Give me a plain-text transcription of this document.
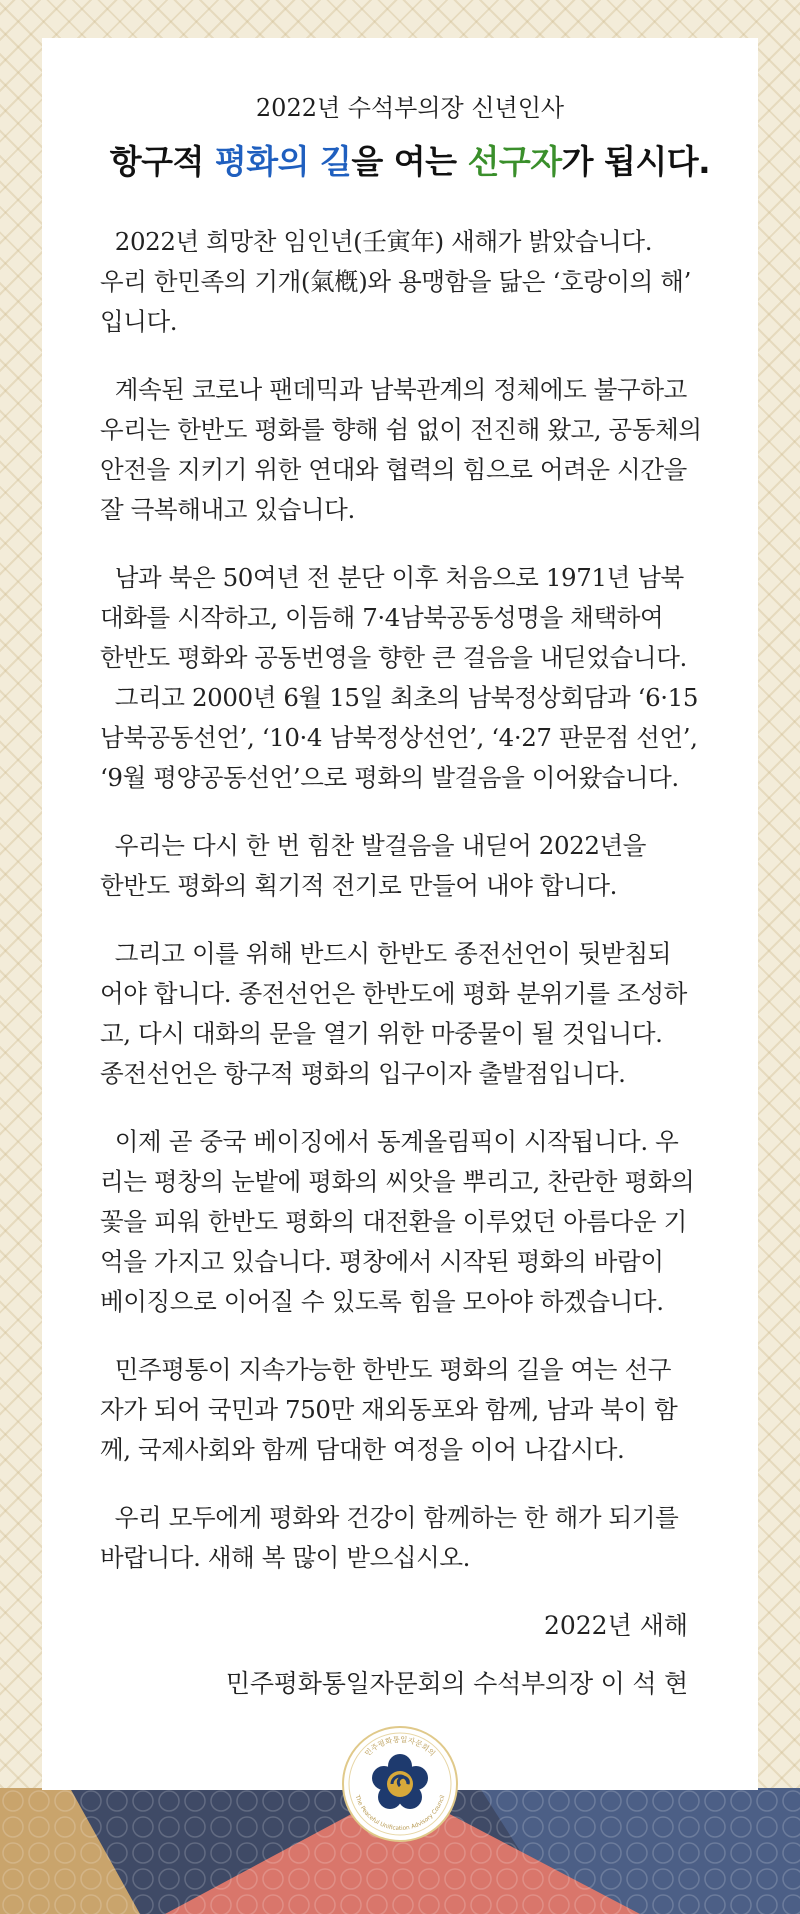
2022년 수석부의장 신년인사

항구적 평화의 길을 여는 선구자가 됩시다.

2022년 희망찬 임인년(壬寅年) 새해가 밝았습니다.
우리 한민족의 기개(氣槪)와 용맹함을 닮은 ‘호랑이의 해’
입니다.

계속된 코로나 팬데믹과 남북관계의 정체에도 불구하고
우리는 한반도 평화를 향해 쉼 없이 전진해 왔고, 공동체의
안전을 지키기 위한 연대와 협력의 힘으로 어려운 시간을
잘 극복해내고 있습니다.

남과 북은 50여년 전 분단 이후 처음으로 1971년 남북
대화를 시작하고, 이듬해 7·4남북공동성명을 채택하여
한반도 평화와 공동번영을 향한 큰 걸음을 내딛었습니다.
그리고 2000년 6월 15일 최초의 남북정상회담과 ‘6·15
남북공동선언’, ‘10·4 남북정상선언’, ‘4·27 판문점 선언’,
‘9월 평양공동선언’으로 평화의 발걸음을 이어왔습니다.

우리는 다시 한 번 힘찬 발걸음을 내딛어 2022년을
한반도 평화의 획기적 전기로 만들어 내야 합니다.

그리고 이를 위해 반드시 한반도 종전선언이 뒷받침되
어야 합니다. 종전선언은 한반도에 평화 분위기를 조성하
고, 다시 대화의 문을 열기 위한 마중물이 될 것입니다.
종전선언은 항구적 평화의 입구이자 출발점입니다.

이제 곧 중국 베이징에서 동계올림픽이 시작됩니다. 우
리는 평창의 눈밭에 평화의 씨앗을 뿌리고, 찬란한 평화의
꽃을 피워 한반도 평화의 대전환을 이루었던 아름다운 기
억을 가지고 있습니다. 평창에서 시작된 평화의 바람이
베이징으로 이어질 수 있도록 힘을 모아야 하겠습니다.

민주평통이 지속가능한 한반도 평화의 길을 여는 선구
자가 되어 국민과 750만 재외동포와 함께, 남과 북이 함
께, 국제사회와 함께 담대한 여정을 이어 나갑시다.

우리 모두에게 평화와 건강이 함께하는 한 해가 되기를
바랍니다. 새해 복 많이 받으십시오.

2022년 새해

민주평화통일자문회의 수석부의장 이 석 현

민주평화통일자문회의
The Peaceful Unification Advisory Council
